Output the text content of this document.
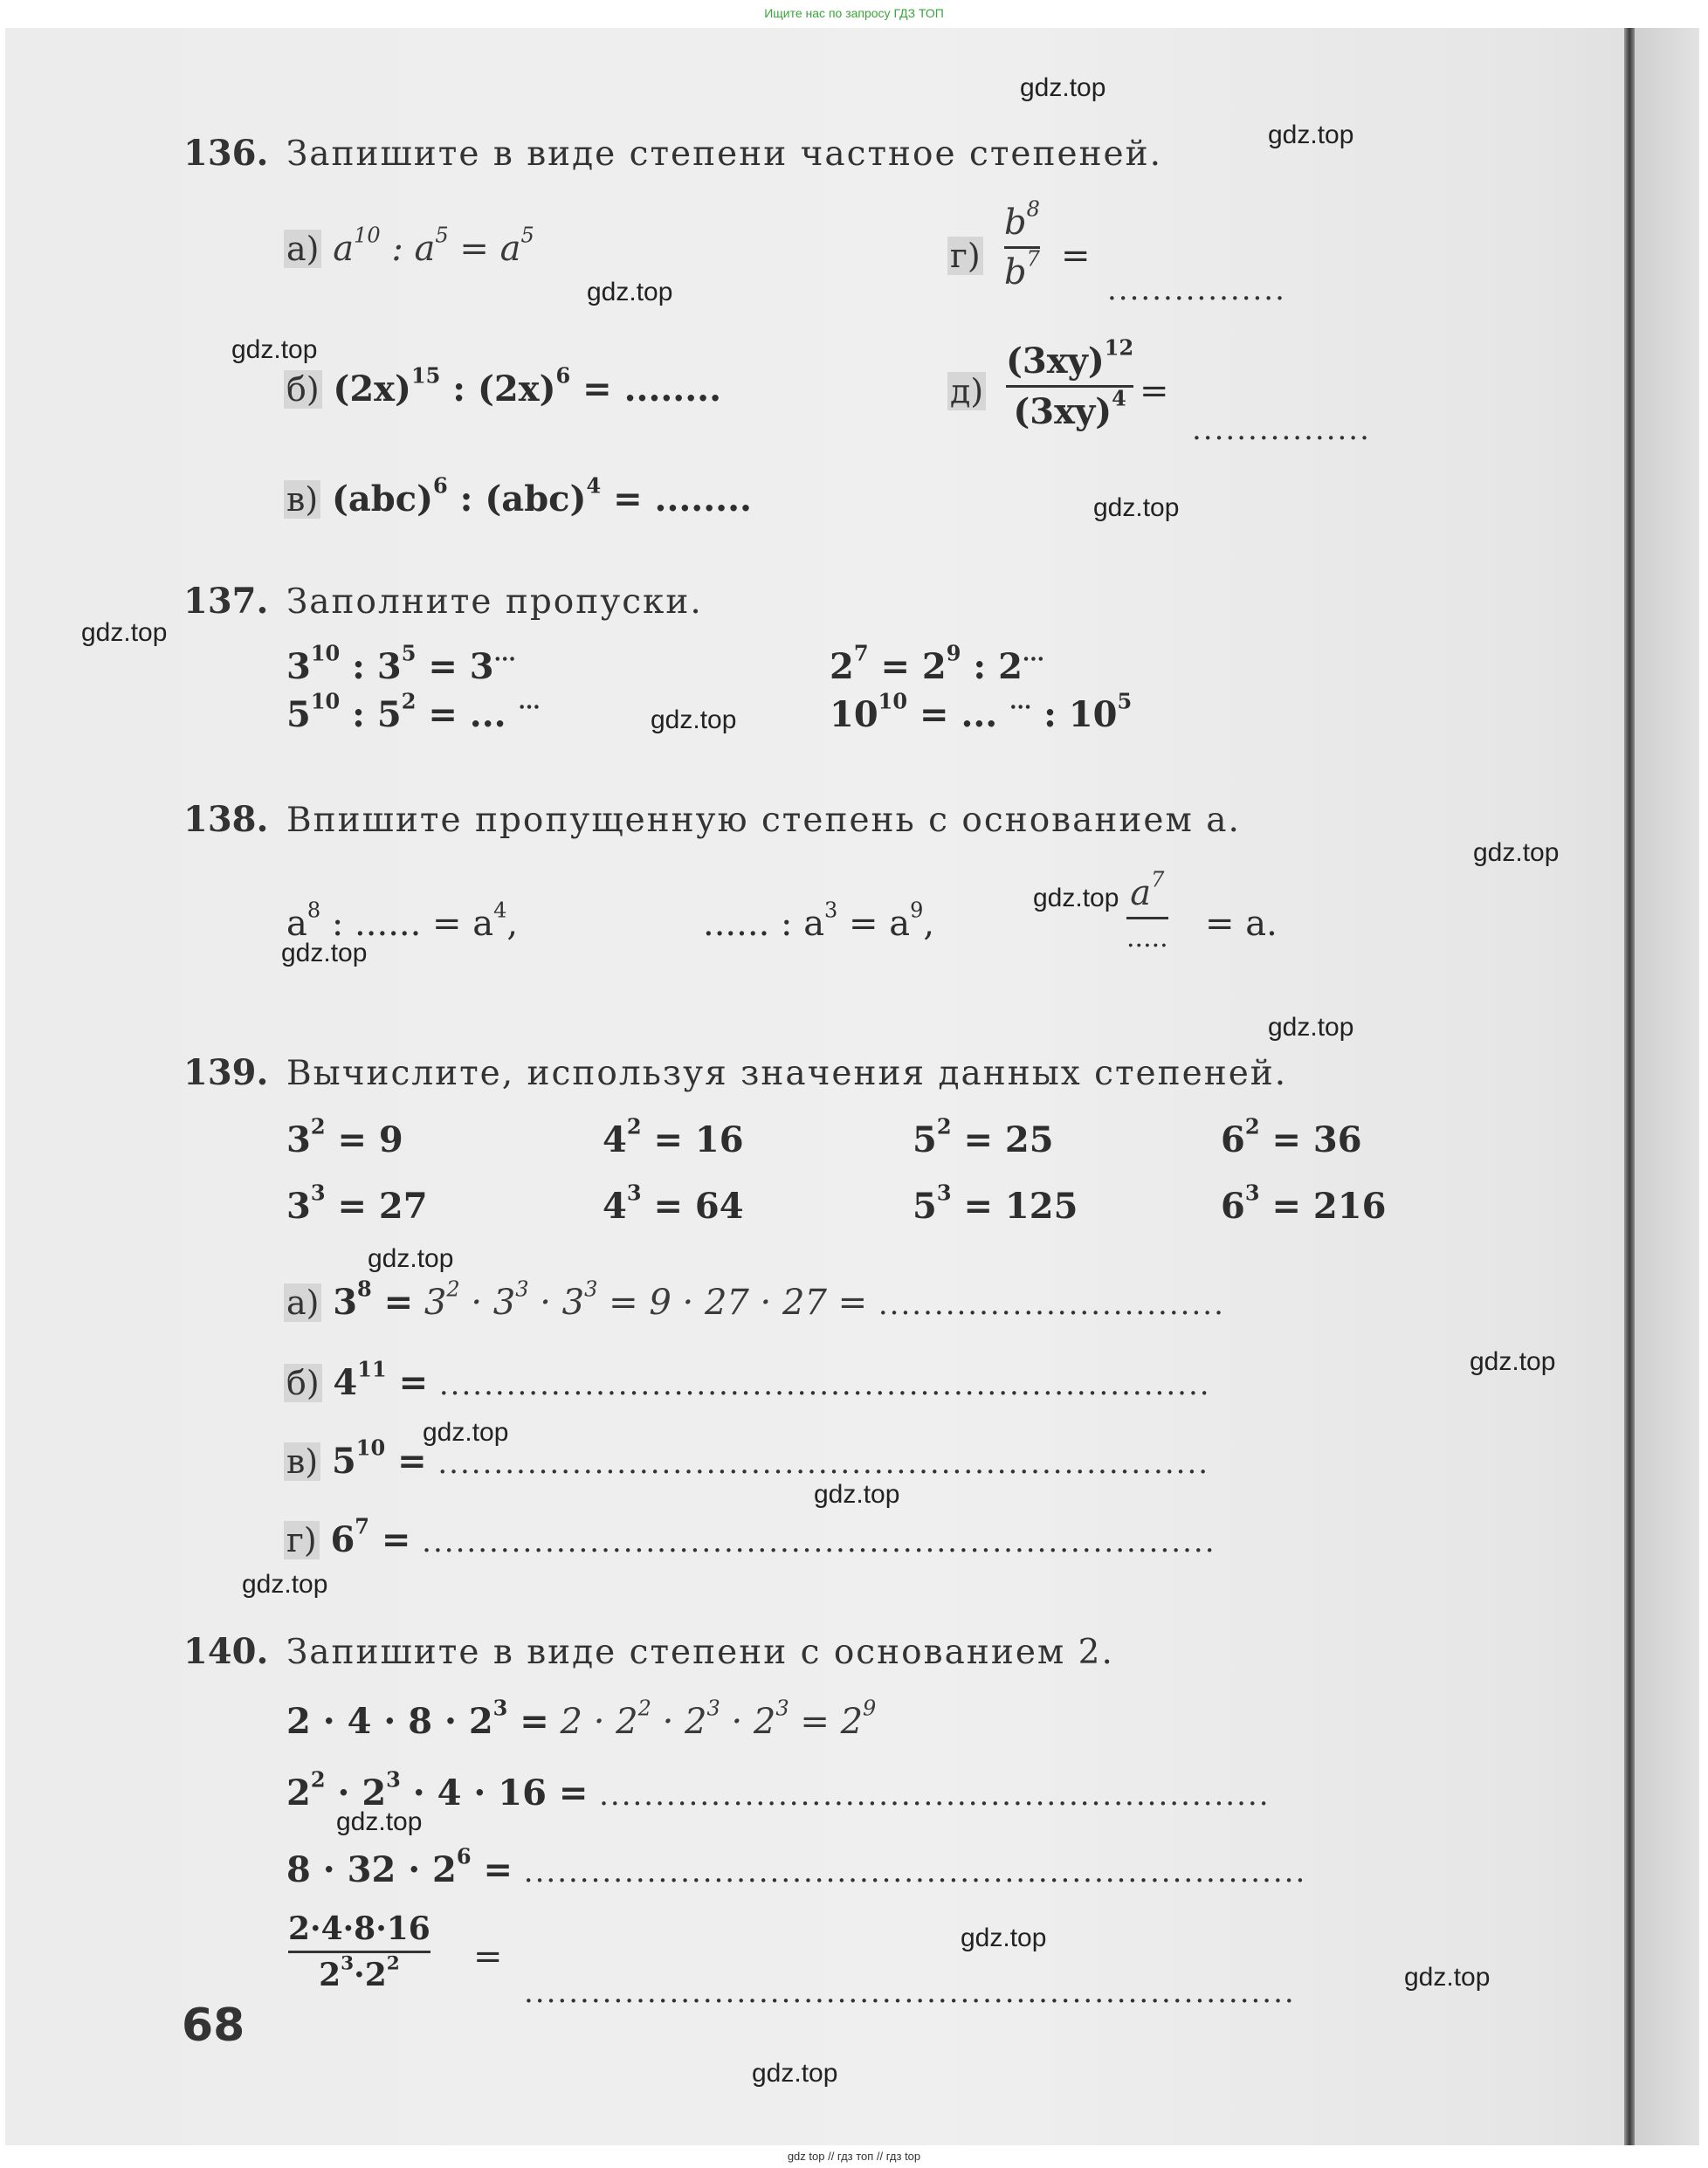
Ищите нас по запросу ГДЗ ТОП
136. Запишите в виде степени частное степеней.
а) $a^{10}$ : $a^5 = a^5$
б) $(2x)^{15}$ : $(2x)^6$ = ........
в) (abc)$^6$ : (abc)$^4$ = ........
г)
$b^8$
$b^7$ =
................
д)
$(3xy)^{12}$
$(3xy)^4$ =
................
137. Заполните пропуски.
$3^{10}$ : $3^5 = 3^{...}$
$5^{10}$ : $5^2$ = ... ...
$2^7 = 2^9$ : 2...
$10^{10}$ = ... ... : $10^5$
138. Впишите пропущенную степень с основанием a.
$a^8$ : ...... = $a^4$,	...... : $a^3 = a^9$,
$a^7$
..... = a.
139. Вычислите, используя значения данных степеней.
$3^2 = 9$	$4^2 = 16$	$5^2 = 25$	$6^2 = 36$
$3^3 = 27$	$4^3 = 64$	$5^3 = 125$	$6^3 = 216$
а) $3^8 = 3^2 \cdot 3^3 \cdot 3^3 = 9 \cdot 27 \cdot 27$ = ...............................
б) $4^{11}$ = .....................................................................
в) $5^{10}$ = .....................................................................
г) $6^7$ = .......................................................................
140. Запишите в виде степени с основанием 2.
$2 \cdot 4 \cdot 8 \cdot 2^3 = 2 \cdot 2^2 \cdot 2^3 \cdot 2^3 = 2^9$
$2^2 \cdot 2^3 \cdot 4 \cdot 16$ = ............................................................
$8 \cdot 32 \cdot 2^6$ = ......................................................................
2·4·8·16
$2^3\cdot 2^2$	=
.....................................................................
68
gdz.top
gdz.top
gdz.top
gdz.top
gdz.top
gdz.top
gdz.top
gdz.top
gdz.top
gdz.top
gdz.top
gdz.top
gdz.top
gdz.top
gdz.top
gdz.top
gdz.top
gdz.top
gdz.top
gdz.top
gdz top // гдз топ // гдз top
